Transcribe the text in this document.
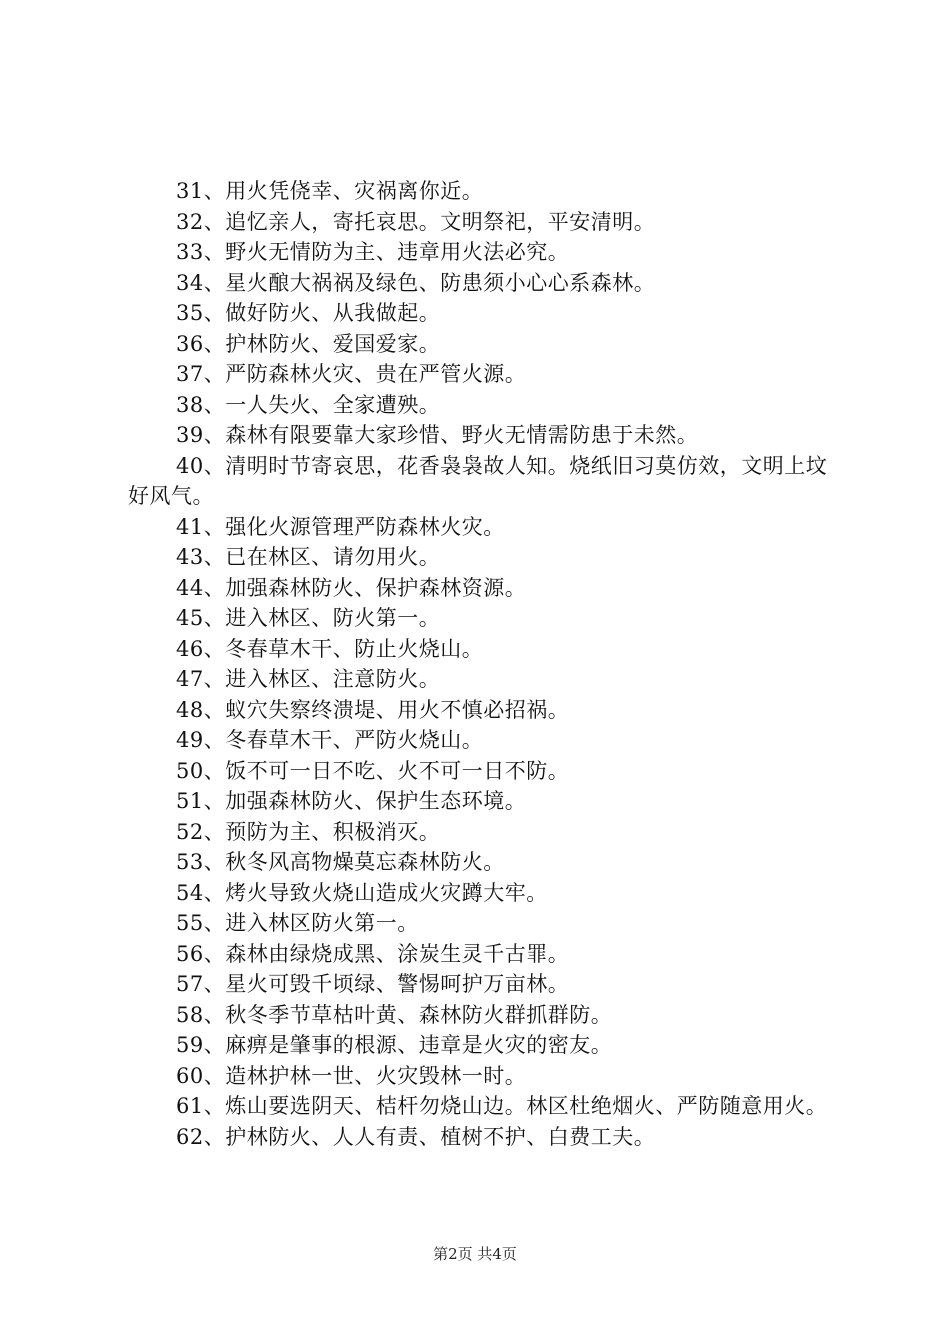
31、用火凭侥幸、灾祸离你近。
32、追忆亲人，寄托哀思。文明祭祀，平安清明。
33、野火无情防为主、违章用火法必究。
34、星火酿大祸祸及绿色、防患须小心心系森林。
35、做好防火、从我做起。
36、护林防火、爱国爱家。
37、严防森林火灾、贵在严管火源。
38、一人失火、全家遭殃。
39、森林有限要靠大家珍惜、野火无情需防患于未然。
40、清明时节寄哀思，花香袅袅故人知。烧纸旧习莫仿效，文明上坟好风气。
41、强化火源管理严防森林火灾。
43、已在林区、请勿用火。
44、加强森林防火、保护森林资源。
45、进入林区、防火第一。
46、冬春草木干、防止火烧山。
47、进入林区、注意防火。
48、蚁穴失察终溃堤、用火不慎必招祸。
49、冬春草木干、严防火烧山。
50、饭不可一日不吃、火不可一日不防。
51、加强森林防火、保护生态环境。
52、预防为主、积极消灭。
53、秋冬风高物燥莫忘森林防火。
54、烤火导致火烧山造成火灾蹲大牢。
55、进入林区防火第一。
56、森林由绿烧成黑、涂炭生灵千古罪。
57、星火可毁千顷绿、警惕呵护万亩林。
58、秋冬季节草枯叶黄、森林防火群抓群防。
59、麻痹是肇事的根源、违章是火灾的密友。
60、造林护林一世、火灾毁林一时。
61、炼山要选阴天、桔杆勿烧山边。林区杜绝烟火、严防随意用火。
62、护林防火、人人有责、植树不护、白费工夫。
第2页 共4页
